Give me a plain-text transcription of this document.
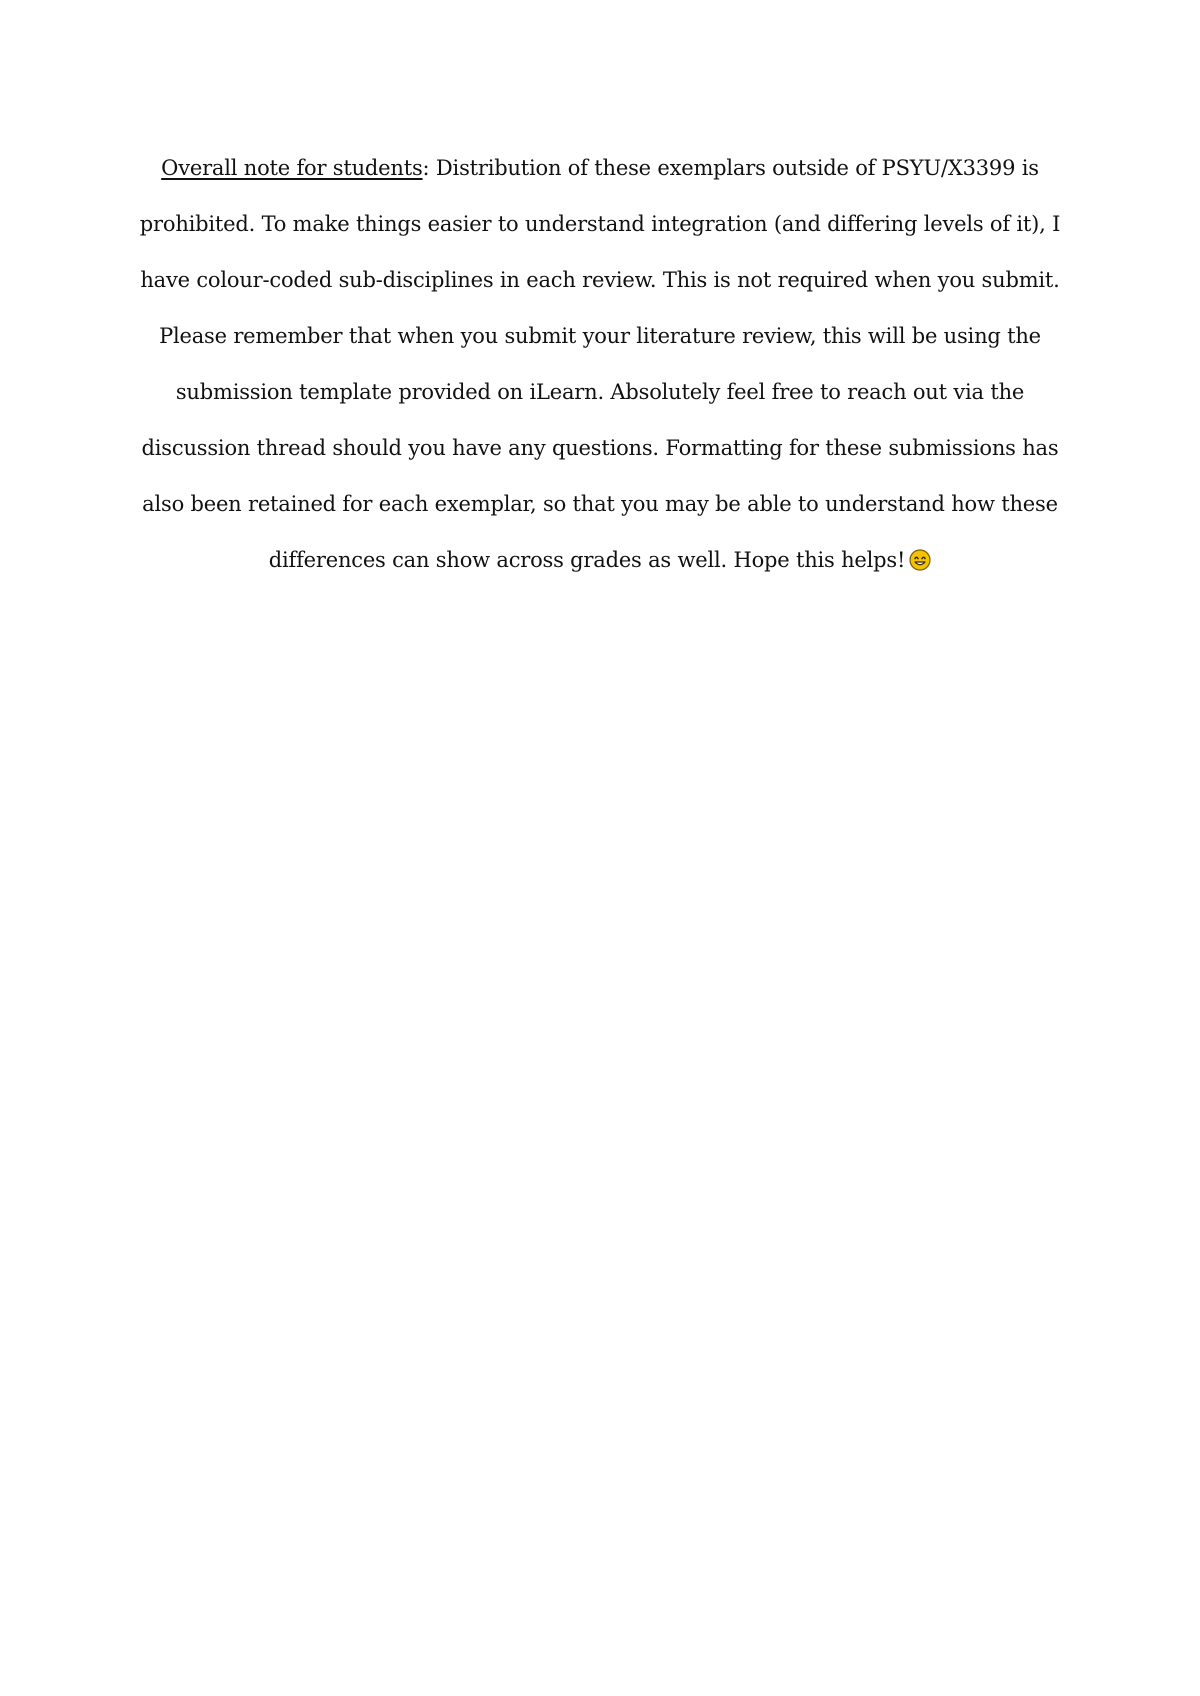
Overall note for students: Distribution of these exemplars outside of PSYU/X3399 is prohibited. To make things easier to understand integration (and differing levels of it), I have colour-coded sub-disciplines in each review. This is not required when you submit. Please remember that when you submit your literature review, this will be using the submission template provided on iLearn. Absolutely feel free to reach out via the discussion thread should you have any questions. Formatting for these submissions has also been retained for each exemplar, so that you may be able to understand how these differences can show across grades as well. Hope this helps!
